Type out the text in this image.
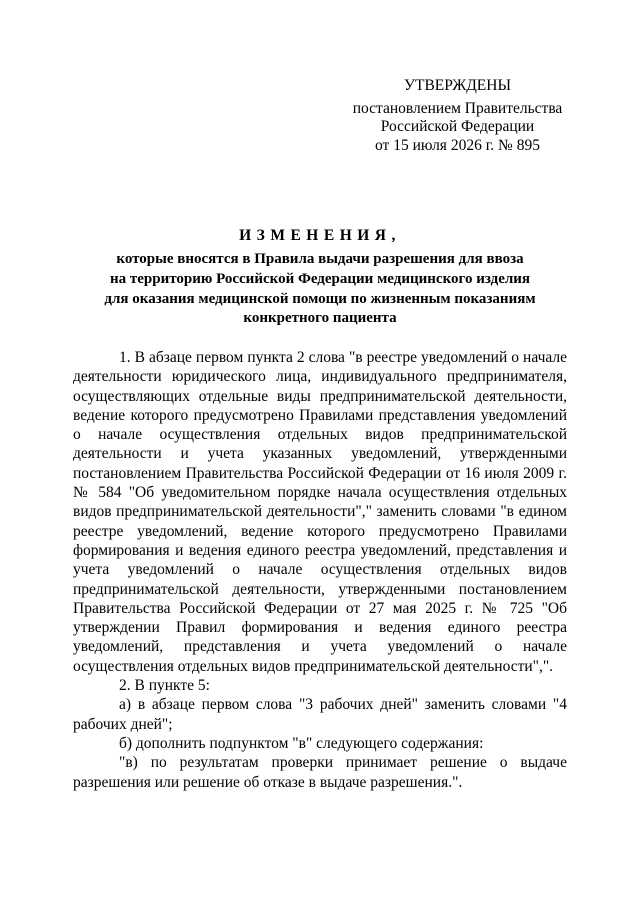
УТВЕРЖДЕНЫ
постановлением Правительства
Российской Федерации
от 15 июля 2026 г. № 895
ИЗМЕНЕНИЯ,
которые вносятся в Правила выдачи разрешения для ввоза
на территорию Российской Федерации медицинского изделия
для оказания медицинской помощи по жизненным показаниям
конкретного пациента

1. В абзаце первом пункта 2 слова "в реестре уведомлений о начале деятельности юридического лица, индивидуального предпринимателя, осуществляющих отдельные виды предпринимательской деятельности, ведение которого предусмотрено Правилами представления уведомлений о начале осуществления отдельных видов предпринимательской деятельности и учета указанных уведомлений, утвержденными постановлением Правительства Российской Федерации от 16 июля 2009 г. № 584 "Об уведомительном порядке начала осуществления отдельных видов предпринимательской деятельности"," заменить словами "в едином реестре уведомлений, ведение которого предусмотрено Правилами формирования и ведения единого реестра уведомлений, представления и учета уведомлений о начале осуществления отдельных видов предпринимательской деятельности, утвержденными постановлением Правительства Российской Федерации от 27 мая 2025 г. № 725 "Об утверждении Правил формирования и ведения единого реестра уведомлений, представления и учета уведомлений о начале осуществления отдельных видов предпринимательской деятельности",".

2. В пункте 5:

а) в абзаце первом слова "3 рабочих дней" заменить словами "4 рабочих дней";

б) дополнить подпунктом "в" следующего содержания:

"в) по результатам проверки принимает решение о выдаче разрешения или решение об отказе в выдаче разрешения.".
